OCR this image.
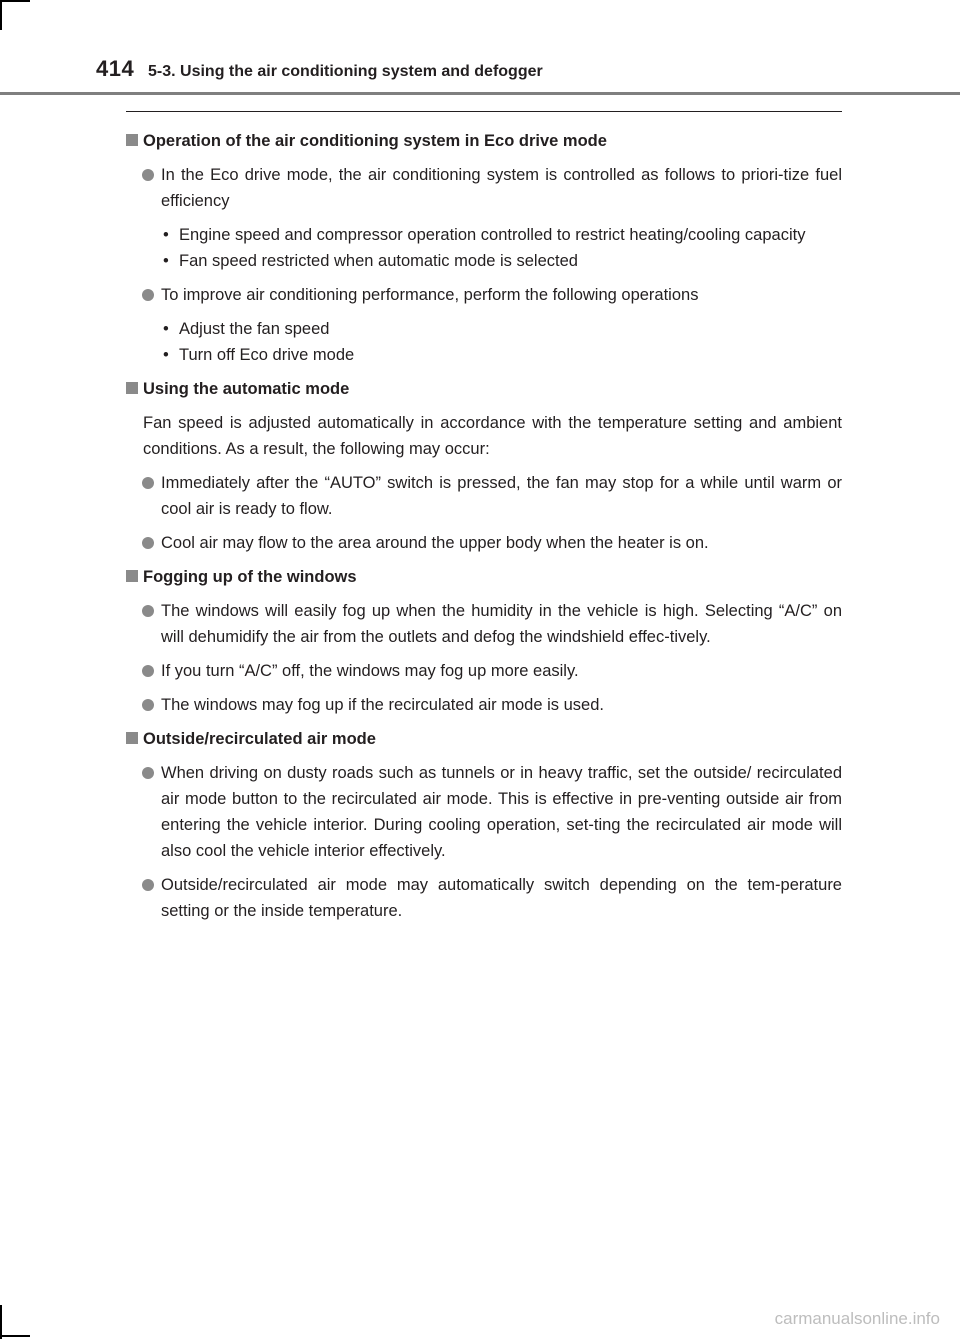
414 5-3. Using the air conditioning system and defogger
Operation of the air conditioning system in Eco drive mode
In the Eco drive mode, the air conditioning system is controlled as follows to priori-tize fuel efficiency
• Engine speed and compressor operation controlled to restrict heating/cooling capacity
• Fan speed restricted when automatic mode is selected
To improve air conditioning performance, perform the following operations
• Adjust the fan speed
• Turn off Eco drive mode
Using the automatic mode
Fan speed is adjusted automatically in accordance with the temperature setting and ambient conditions. As a result, the following may occur:
Immediately after the “AUTO” switch is pressed, the fan may stop for a while until warm or cool air is ready to flow.
Cool air may flow to the area around the upper body when the heater is on.
Fogging up of the windows
The windows will easily fog up when the humidity in the vehicle is high. Selecting “A/C” on will dehumidify the air from the outlets and defog the windshield effec-tively.
If you turn “A/C” off, the windows may fog up more easily.
The windows may fog up if the recirculated air mode is used.
Outside/recirculated air mode
When driving on dusty roads such as tunnels or in heavy traffic, set the outside/ recirculated air mode button to the recirculated air mode. This is effective in pre-venting outside air from entering the vehicle interior. During cooling operation, set-ting the recirculated air mode will also cool the vehicle interior effectively.
Outside/recirculated air mode may automatically switch depending on the tem-perature setting or the inside temperature.
carmanualsonline.info
